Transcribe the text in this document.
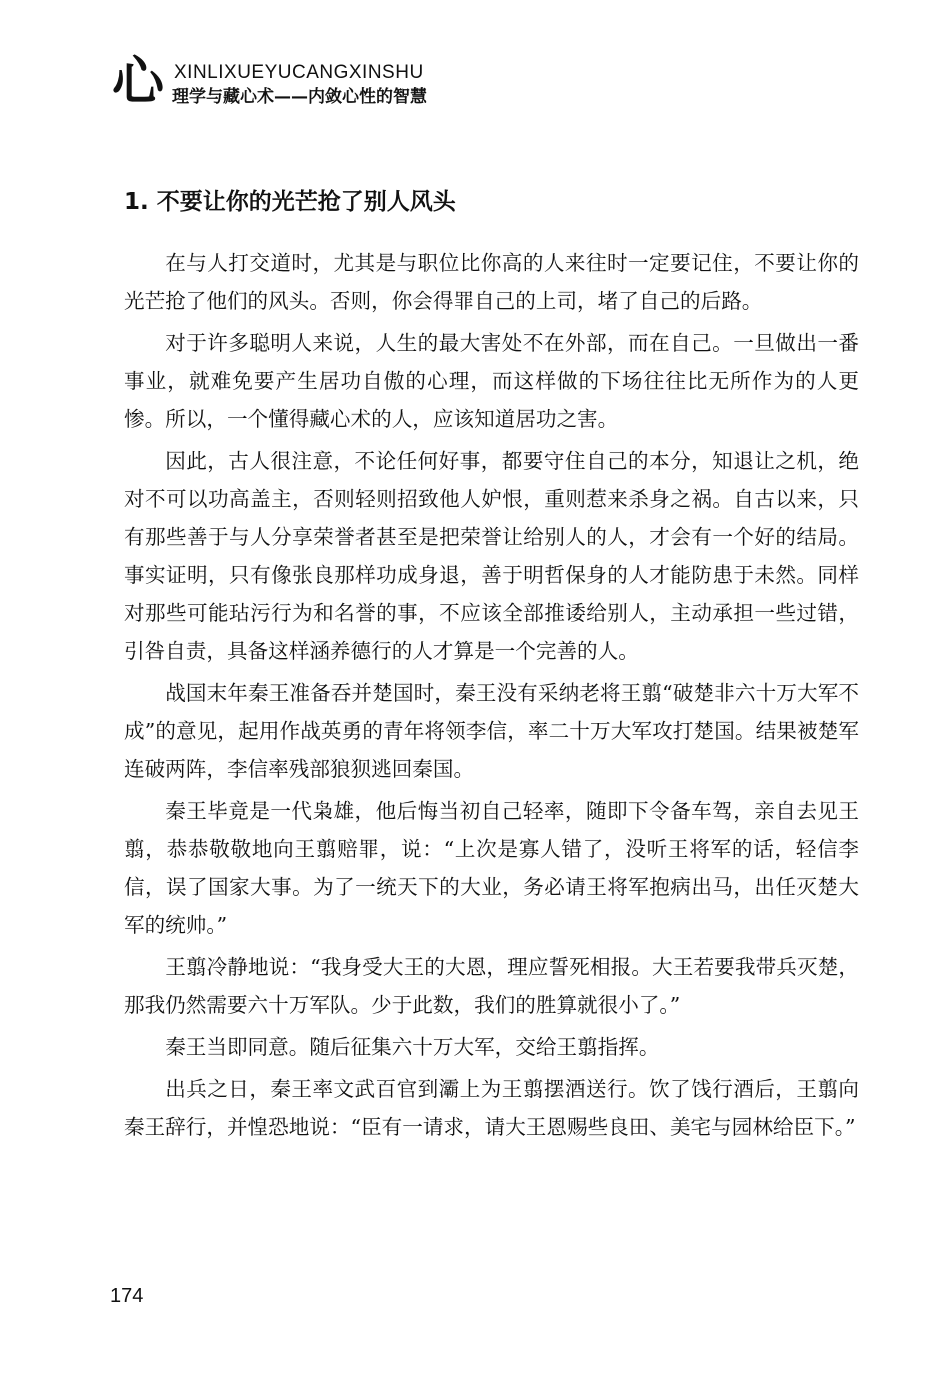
心 XINLIXUEYUCANGXINSHU
理学与藏心术——内敛心性的智慧
1. 不要让你的光芒抢了别人风头

在与人打交道时，尤其是与职位比你高的人来往时一定要记住，不要让你的光芒抢了他们的风头。否则，你会得罪自己的上司，堵了自己的后路。

对于许多聪明人来说，人生的最大害处不在外部，而在自己。一旦做出一番事业，就难免要产生居功自傲的心理，而这样做的下场往往比无所作为的人更惨。所以，一个懂得藏心术的人，应该知道居功之害。

因此，古人很注意，不论任何好事，都要守住自己的本分，知退让之机，绝对不可以功高盖主，否则轻则招致他人妒恨，重则惹来杀身之祸。自古以来，只有那些善于与人分享荣誉者甚至是把荣誉让给别人的人，才会有一个好的结局。事实证明，只有像张良那样功成身退，善于明哲保身的人才能防患于未然。同样对那些可能玷污行为和名誉的事，不应该全部推诿给别人，主动承担一些过错，引咎自责，具备这样涵养德行的人才算是一个完善的人。

战国末年秦王准备吞并楚国时，秦王没有采纳老将王翦“破楚非六十万大军不成”的意见，起用作战英勇的青年将领李信，率二十万大军攻打楚国。结果被楚军连破两阵，李信率残部狼狈逃回秦国。

秦王毕竟是一代枭雄，他后悔当初自己轻率，随即下令备车驾，亲自去见王翦，恭恭敬敬地向王翦赔罪，说：“上次是寡人错了，没听王将军的话，轻信李信，误了国家大事。为了一统天下的大业，务必请王将军抱病出马，出任灭楚大军的统帅。”

王翦冷静地说：“我身受大王的大恩，理应誓死相报。大王若要我带兵灭楚，那我仍然需要六十万军队。少于此数，我们的胜算就很小了。”

秦王当即同意。随后征集六十万大军，交给王翦指挥。

出兵之日，秦王率文武百官到灞上为王翦摆酒送行。饮了饯行酒后，王翦向秦王辞行，并惶恐地说：“臣有一请求，请大王恩赐些良田、美宅与园林给臣下。”

174
